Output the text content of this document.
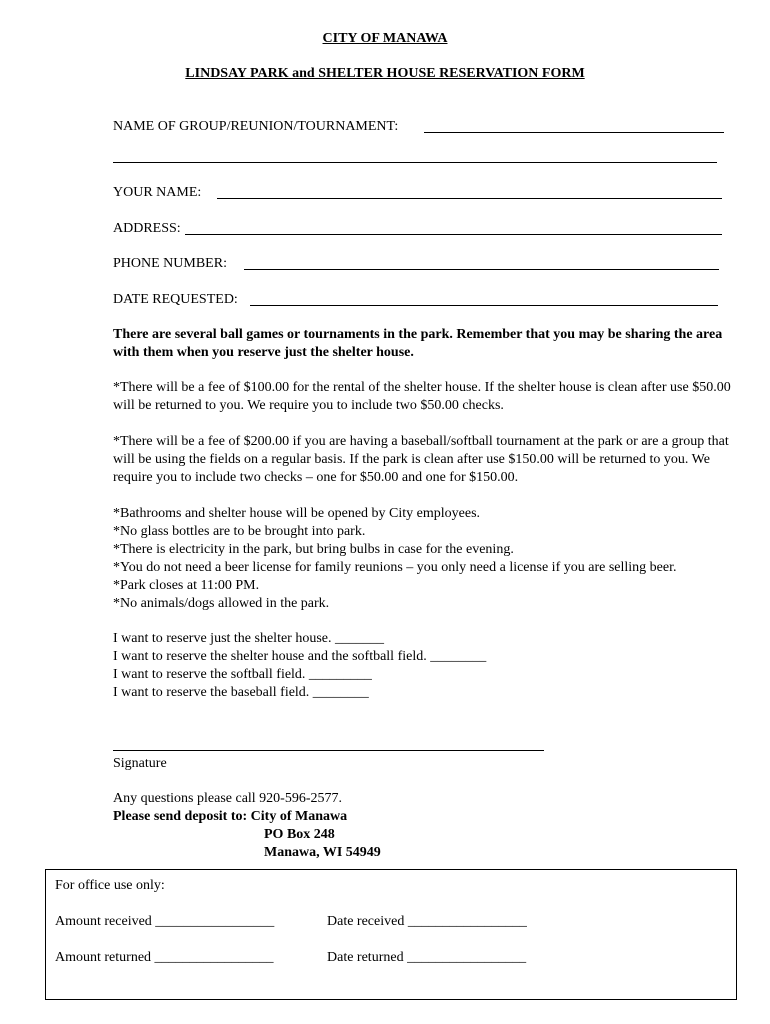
CITY OF MANAWA
LINDSAY PARK and SHELTER HOUSE RESERVATION FORM
NAME OF GROUP/REUNION/TOURNAMENT:
YOUR NAME:
ADDRESS:
PHONE NUMBER:
DATE REQUESTED:
There are several ball games or tournaments in the park. Remember that you may be sharing the area with them when you reserve just the shelter house.
*There will be a fee of $100.00 for the rental of the shelter house. If the shelter house is clean after use $50.00 will be returned to you. We require you to include two $50.00 checks.
*There will be a fee of $200.00 if you are having a baseball/softball tournament at the park or are a group that will be using the fields on a regular basis. If the park is clean after use $150.00 will be returned to you. We require you to include two checks – one for $50.00 and one for $150.00.
*Bathrooms and shelter house will be opened by City employees.
*No glass bottles are to be brought into park.
*There is electricity in the park, but bring bulbs in case for the evening.
*You do not need a beer license for family reunions – you only need a license if you are selling beer.
*Park closes at 11:00 PM.
*No animals/dogs allowed in the park.
I want to reserve just the shelter house. _______
I want to reserve the shelter house and the softball field. ________
I want to reserve the softball field. _________
I want to reserve the baseball field. ________
Signature
Any questions please call 920-596-2577.
Please send deposit to: City of Manawa
PO Box 248
Manawa, WI 54949
For office use only:
Amount received _________________	Date received _________________
Amount returned _________________	Date returned _________________
